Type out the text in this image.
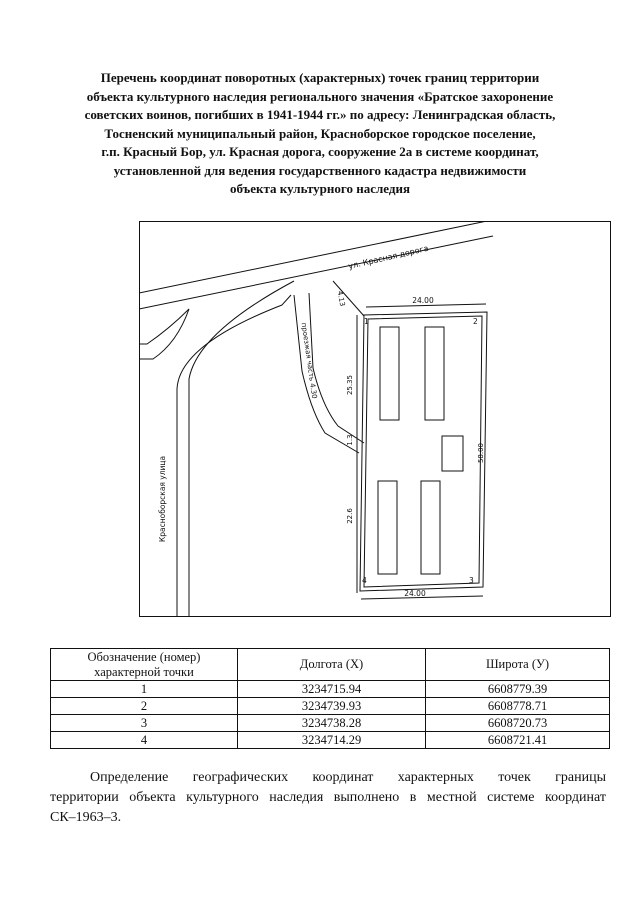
Перечень координат поворотных (характерных) точек границ территории
объекта культурного наследия регионального значения «Братское захоронение
советских воинов, погибших в 1941-1944 гг.» по адресу: Ленинградская область,
Тосненский муниципальный район, Красноборское городское поселение,
г.п. Красный Бор, ул. Красная дорога, сооружение 2а в системе координат,
установленной для ведения государственного кадастра недвижимости
объекта культурного наследия
ул. Красная дорога
Красноборская улица
проезжая часть 4.30
4.13
25.35
1.3
22.6
24.00
24.00
58.00
1	2
3
4
Обозначение (номер)
характерной точки	Долгота (X)	Широта (У)
1	3234715.94	6608779.39
2	3234739.93	6608778.71
3	3234738.28	6608720.73
4	3234714.29	6608721.41
Определение географических координат характерных точек границы
территории объекта культурного наследия выполнено в местной системе координат
СК–1963–3.
